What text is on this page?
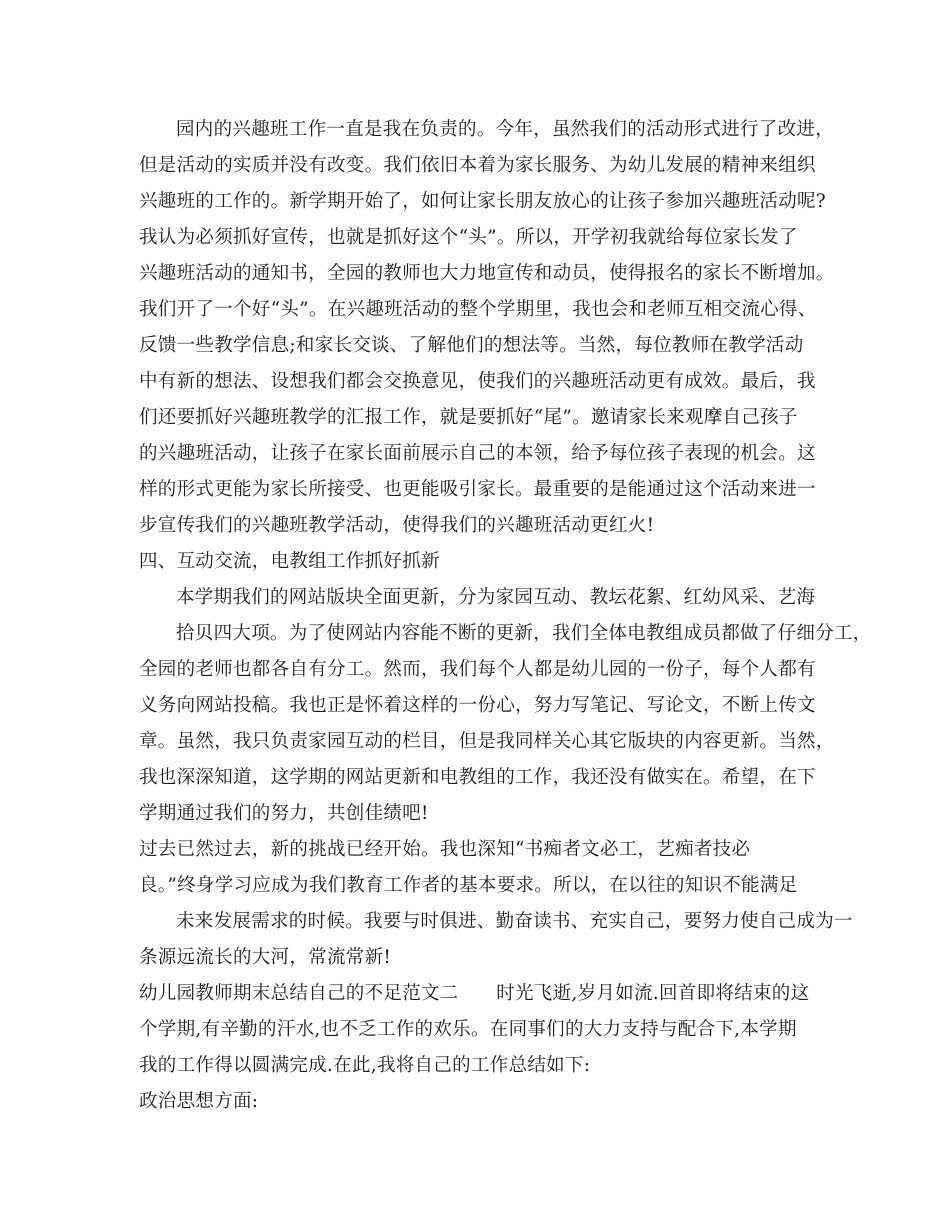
园内的兴趣班工作一直是我在负责的。今年，虽然我们的活动形式进行了改进，
但是活动的实质并没有改变。我们依旧本着为家长服务、为幼儿发展的精神来组织
兴趣班的工作的。新学期开始了，如何让家长朋友放心的让孩子参加兴趣班活动呢?
我认为必须抓好宣传，也就是抓好这个“头”。所以，开学初我就给每位家长发了
兴趣班活动的通知书，全园的教师也大力地宣传和动员，使得报名的家长不断增加。
我们开了一个好“头”。在兴趣班活动的整个学期里，我也会和老师互相交流心得、
反馈一些教学信息;和家长交谈、了解他们的想法等。当然，每位教师在教学活动
中有新的想法、设想我们都会交换意见，使我们的兴趣班活动更有成效。最后，我
们还要抓好兴趣班教学的汇报工作，就是要抓好“尾”。邀请家长来观摩自己孩子
的兴趣班活动，让孩子在家长面前展示自己的本领，给予每位孩子表现的机会。这
样的形式更能为家长所接受、也更能吸引家长。最重要的是能通过这个活动来进一
步宣传我们的兴趣班教学活动，使得我们的兴趣班活动更红火!
四、互动交流，电教组工作抓好抓新
本学期我们的网站版块全面更新，分为家园互动、教坛花絮、红幼风采、艺海
拾贝四大项。为了使网站内容能不断的更新，我们全体电教组成员都做了仔细分工，
全园的老师也都各自有分工。然而，我们每个人都是幼儿园的一份子，每个人都有
义务向网站投稿。我也正是怀着这样的一份心，努力写笔记、写论文，不断上传文
章。虽然，我只负责家园互动的栏目，但是我同样关心其它版块的内容更新。当然，
我也深深知道，这学期的网站更新和电教组的工作，我还没有做实在。希望，在下
学期通过我们的努力，共创佳绩吧!
过去已然过去，新的挑战已经开始。我也深知“书痴者文必工，艺痴者技必
良。”终身学习应成为我们教育工作者的基本要求。所以，在以往的知识不能满足
未来发展需求的时候。我要与时俱进、勤奋读书、充实自己，要努力使自己成为一
条源远流长的大河，常流常新!
幼儿园教师期末总结自己的不足范文二　　时光飞逝,岁月如流.回首即将结束的这
个学期,有辛勤的汗水,也不乏工作的欢乐。在同事们的大力支持与配合下,本学期
我的工作得以圆满完成.在此,我将自己的工作总结如下:
政治思想方面:
